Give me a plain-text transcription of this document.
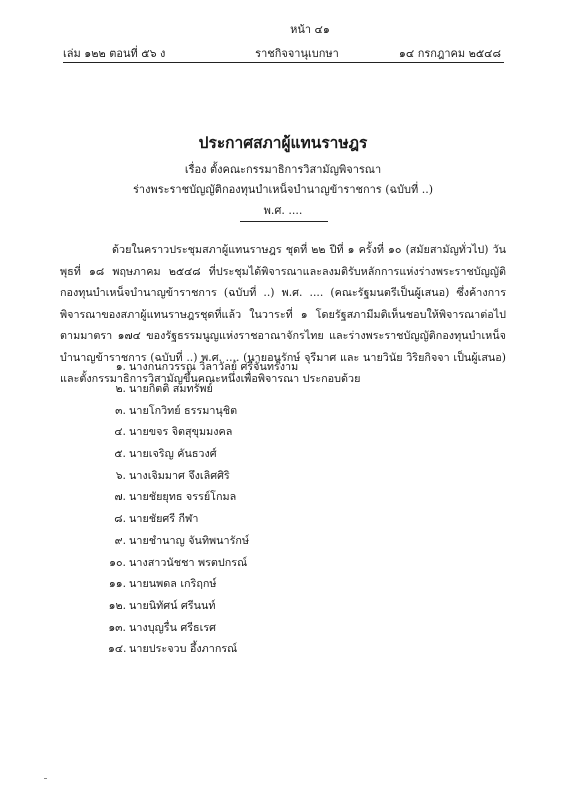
หน้า ๔๑
เล่ม ๑๒๒ ตอนที่ ๕๖ ง	ราชกิจจานุเบกษา	๑๔ กรกฎาคม ๒๕๔๘
ประกาศสภาผู้แทนราษฎร
เรื่อง ตั้งคณะกรรมาธิการวิสามัญพิจารณา
ร่างพระราชบัญญัติกองทุนบำเหน็จบำนาญข้าราชการ (ฉบับที่ ..)
พ.ศ. ....
ด้วยในคราวประชุมสภาผู้แทนราษฎร ชุดที่ ๒๒ ปีที่ ๑ ครั้งที่ ๑๐ (สมัยสามัญทั่วไป) วันพุธที่ ๑๘ พฤษภาคม ๒๕๔๘ ที่ประชุมได้พิจารณาและลงมติรับหลักการแห่งร่างพระราชบัญญัติกองทุนบำเหน็จบำนาญข้าราชการ (ฉบับที่ ..) พ.ศ. .... (คณะรัฐมนตรีเป็นผู้เสนอ) ซึ่งค้างการพิจารณาของสภาผู้แทนราษฎรชุดที่แล้ว ในวาระที่ ๑ โดยรัฐสภามีมติเห็นชอบให้พิจารณาต่อไป ตามมาตรา ๑๗๔ ของรัฐธรรมนูญแห่งราชอาณาจักรไทย และร่างพระราชบัญญัติกองทุนบำเหน็จบำนาญข้าราชการ (ฉบับที่ ..) พ.ศ. .... (นายอนุรักษ์ จุรีมาศ และ นายวินัย วิริยกิจจา เป็นผู้เสนอ) และตั้งกรรมาธิการวิสามัญขึ้นคณะหนึ่งเพื่อพิจารณา ประกอบด้วย
๑. นางกนกวรรณ วิลาวัลย์ ศรีจันทร์งาม
๒. นายกิตติ สมทรัพย์
๓. นายโกวิทย์ ธรรมานุชิต
๔. นายขจร จิตสุขุมมงคล
๕. นายเจริญ คันธวงศ์
๖. นางเจิมมาศ จึงเลิศศิริ
๗. นายชัยยุทธ จรรย์โกมล
๘. นายชัยศรี กีฬา
๙. นายชำนาญ จันทิพนารักษ์
๑๐. นางสาวนัชชา พรตปกรณ์
๑๑. นายนพดล เกริฤกษ์
๑๒. นายนิทัศน์ ศรีนนท์
๑๓. นางบุญรื่น ศรีธเรศ
๑๔. นายประจวบ อึ้งภากรณ์
